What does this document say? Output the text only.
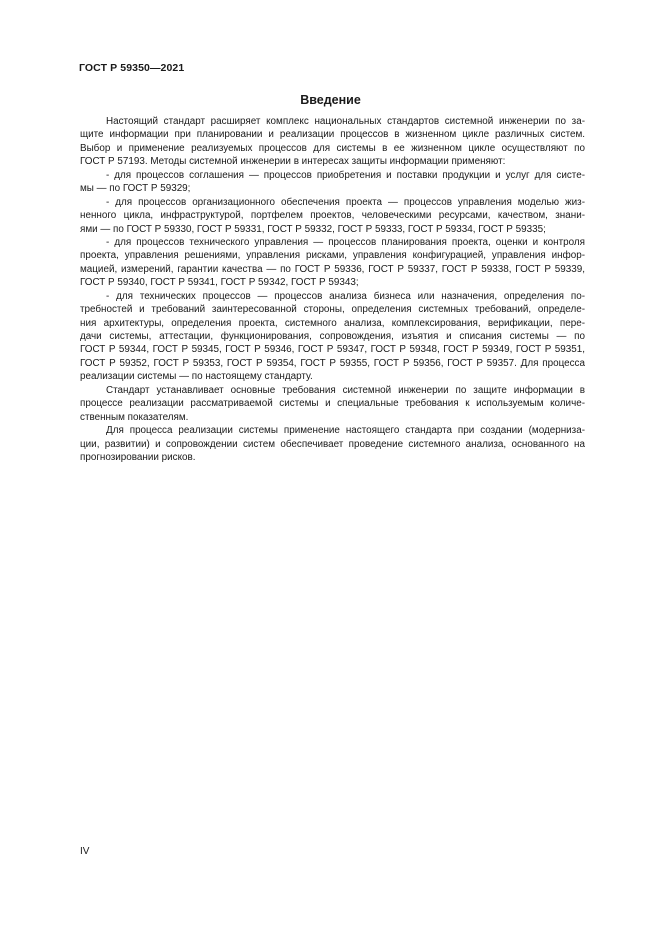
ГОСТ Р 59350—2021
Введение
Настоящий стандарт расширяет комплекс национальных стандартов системной инженерии по за-
щите информации при планировании и реализации процессов в жизненном цикле различных систем.
Выбор и применение реализуемых процессов для системы в ее жизненном цикле осуществляют по
ГОСТ Р 57193. Методы системной инженерии в интересах защиты информации применяют:
- для процессов соглашения — процессов приобретения и поставки продукции и услуг для систе-
мы — по ГОСТ Р 59329;
- для процессов организационного обеспечения проекта — процессов управления моделью жиз-
ненного цикла, инфраструктурой, портфелем проектов, человеческими ресурсами, качеством, знани-
ями — по ГОСТ Р 59330, ГОСТ Р 59331, ГОСТ Р 59332, ГОСТ Р 59333, ГОСТ Р 59334, ГОСТ Р 59335;
- для процессов технического управления — процессов планирования проекта, оценки и контроля
проекта, управления решениями, управления рисками, управления конфигурацией, управления инфор-
мацией, измерений, гарантии качества — по ГОСТ Р 59336, ГОСТ Р 59337, ГОСТ Р 59338, ГОСТ Р 59339,
ГОСТ Р 59340, ГОСТ Р 59341, ГОСТ Р 59342, ГОСТ Р 59343;
- для технических процессов — процессов анализа бизнеса или назначения, определения по-
требностей и требований заинтересованной стороны, определения системных требований, определе-
ния архитектуры, определения проекта, системного анализа, комплексирования, верификации, пере-
дачи системы, аттестации, функционирования, сопровождения, изъятия и списания системы — по
ГОСТ Р 59344, ГОСТ Р 59345, ГОСТ Р 59346, ГОСТ Р 59347, ГОСТ Р 59348, ГОСТ Р 59349, ГОСТ Р 59351,
ГОСТ Р 59352, ГОСТ Р 59353, ГОСТ Р 59354, ГОСТ Р 59355, ГОСТ Р 59356, ГОСТ Р 59357. Для процесса
реализации системы — по настоящему стандарту.
Стандарт устанавливает основные требования системной инженерии по защите информации в
процессе реализации рассматриваемой системы и специальные требования к используемым количе-
ственным показателям.
Для процесса реализации системы применение настоящего стандарта при создании (модерниза-
ции, развитии) и сопровождении систем обеспечивает проведение системного анализа, основанного на
прогнозировании рисков.
IV
